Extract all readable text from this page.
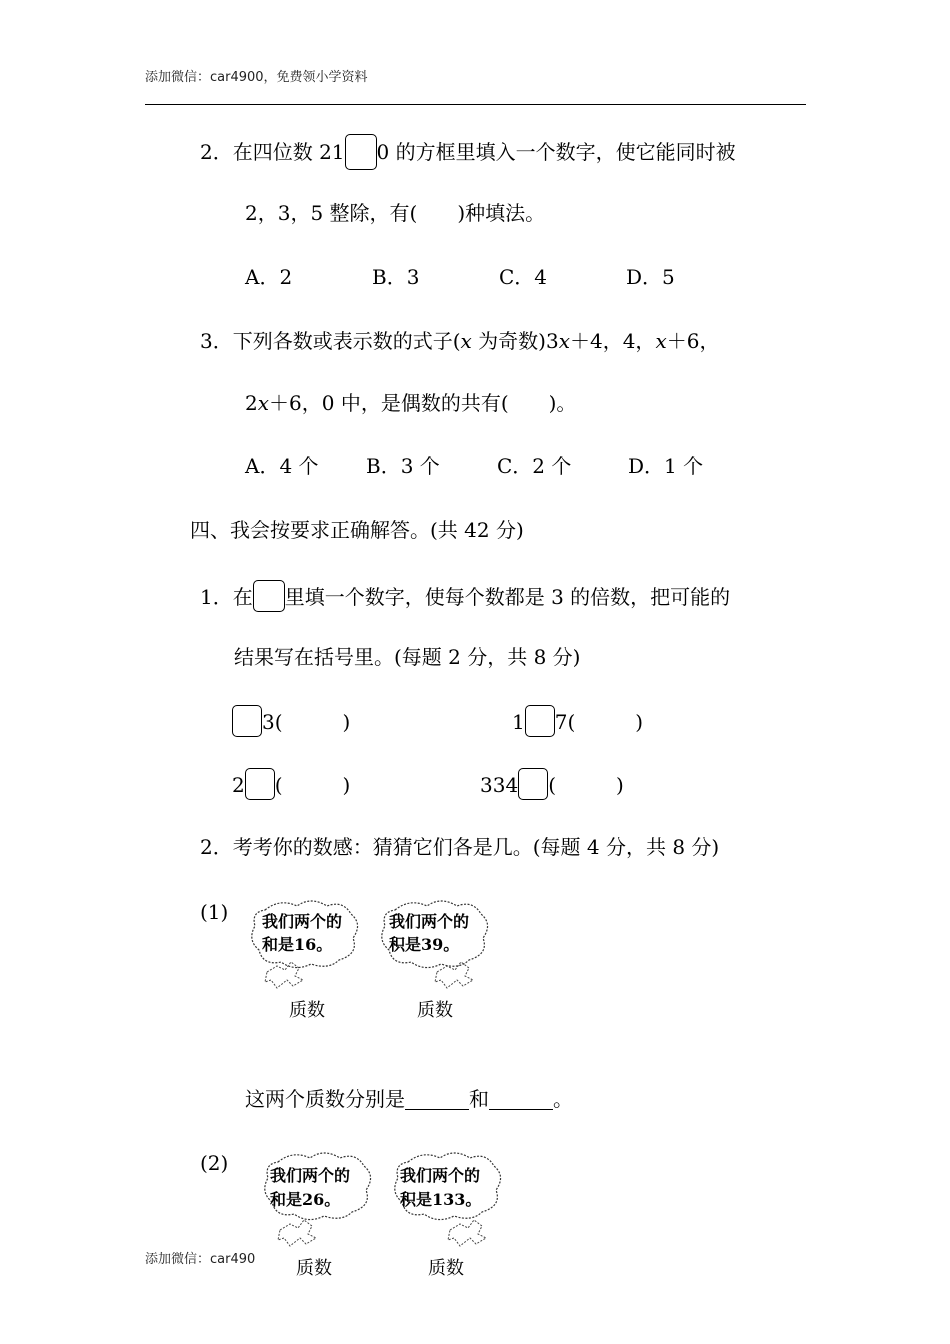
添加微信：car4900，免费领小学资料
2．在四位数 21 0 的方框里填入一个数字，使它能同时被
2，3，5 整除，有(　　)种填法。
A．2	B．3	C．4	D．5
3．下列各数或表示数的式子(x 为奇数)3x＋4，4，x＋6，
2x＋6，0 中，是偶数的共有(　　)。
A．4 个 B．3 个	C．2 个	D．1 个
四、我会按要求正确解答。(共 42 分)
1．在 里填一个数字，使每个数都是 3 的倍数，把可能的
结果写在括号里。(每题 2 分，共 8 分)
3(　　　)	1 7(　　　)
2 (　　　)	334 (　　　)
2．考考你的数感：猜猜它们各是几。(每题 4 分，共 8 分)
(1) 我们两个的
和是16。
质数
我们两个的
积是39。
质数
这两个质数分别是	和	。
(2)
我们两个的
和是26。
质数
我们两个的
积是133。
质数
添加微信：car490
